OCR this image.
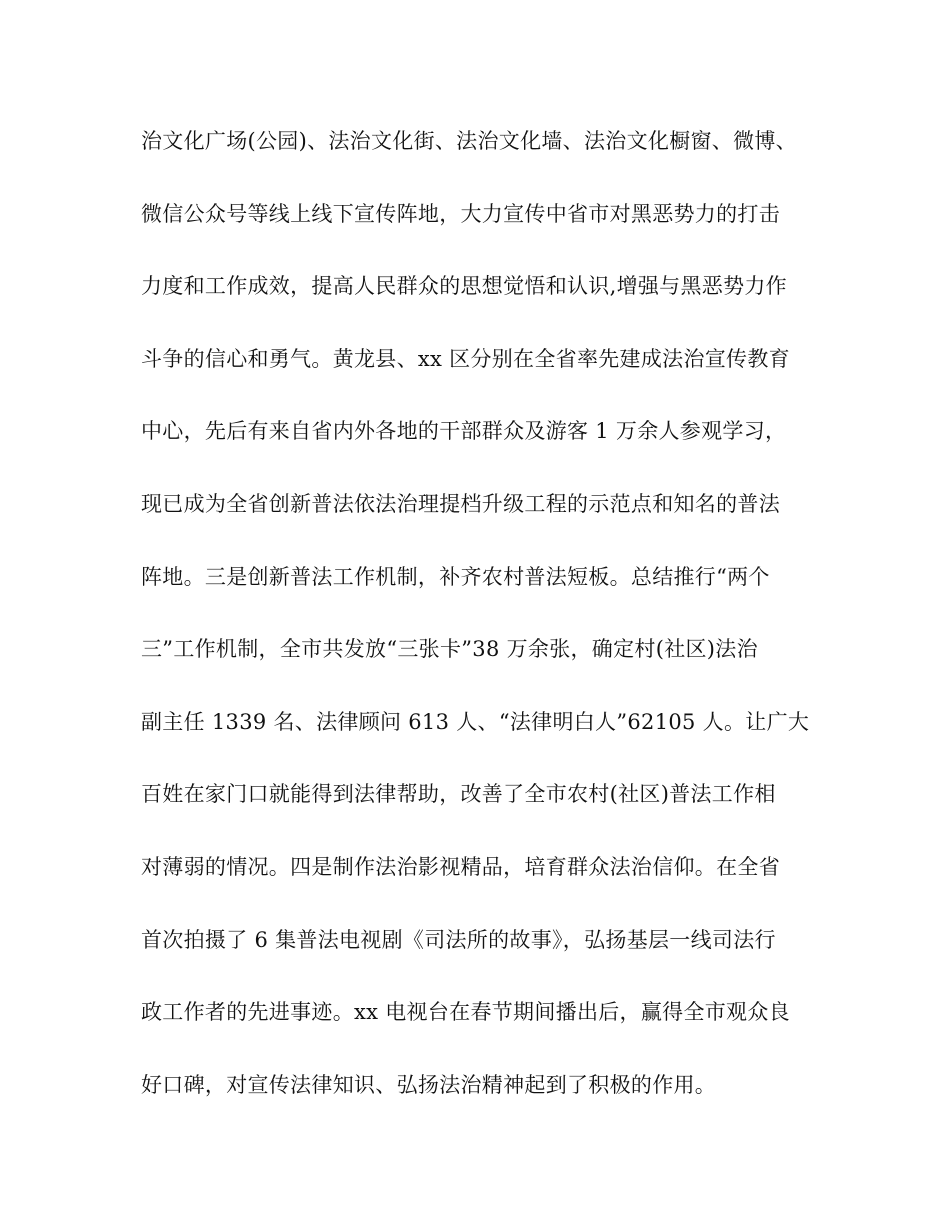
治文化广场(公园)、法治文化街、法治文化墙、法治文化橱窗、微博、
微信公众号等线上线下宣传阵地，大力宣传中省市对黑恶势力的打击
力度和工作成效，提高人民群众的思想觉悟和认识,增强与黑恶势力作
斗争的信心和勇气。黄龙县、xx 区分别在全省率先建成法治宣传教育
中心，先后有来自省内外各地的干部群众及游客 1 万余人参观学习，
现已成为全省创新普法依法治理提档升级工程的示范点和知名的普法
阵地。三是创新普法工作机制，补齐农村普法短板。总结推行“两个
三”工作机制，全市共发放“三张卡”38 万余张，确定村(社区)法治
副主任 1339 名、法律顾问 613 人、“法律明白人”62105 人。让广大
百姓在家门口就能得到法律帮助，改善了全市农村(社区)普法工作相
对薄弱的情况。四是制作法治影视精品，培育群众法治信仰。在全省
首次拍摄了 6 集普法电视剧《司法所的故事》，弘扬基层一线司法行
政工作者的先进事迹。xx 电视台在春节期间播出后，赢得全市观众良
好口碑，对宣传法律知识、弘扬法治精神起到了积极的作用。
